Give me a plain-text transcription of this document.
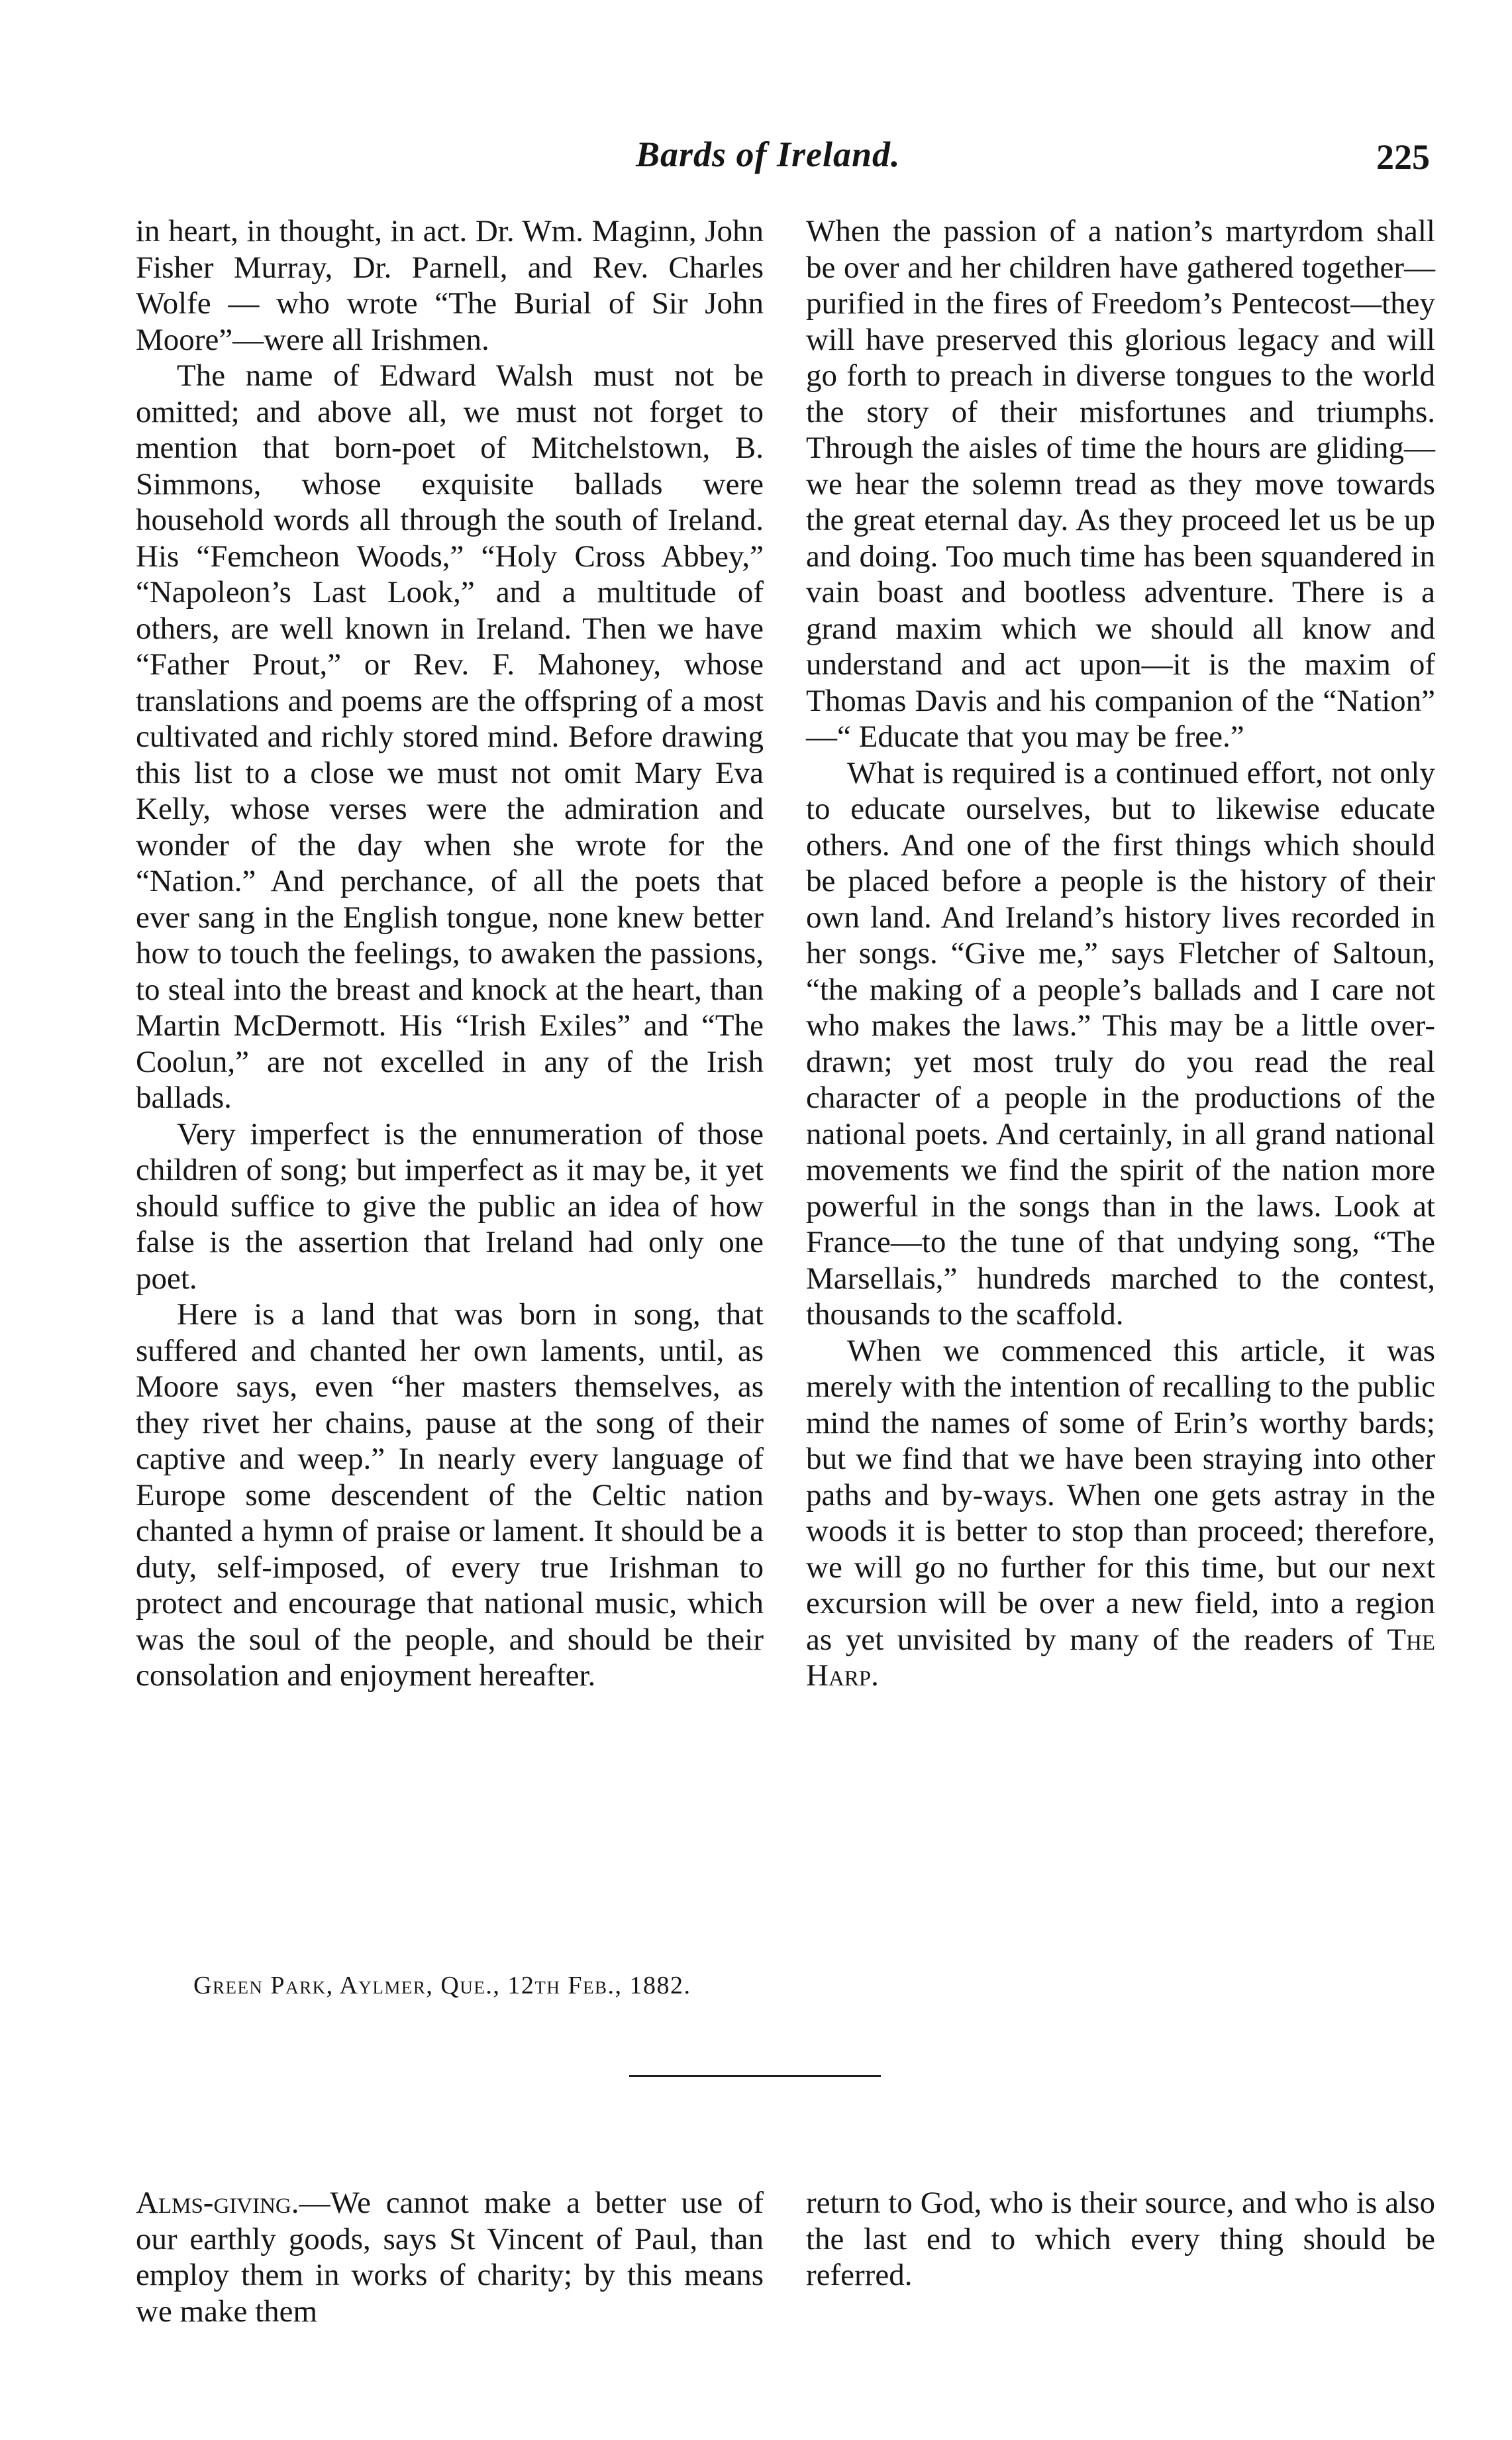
Bards of Ireland.	225

in heart, in thought, in act. Dr. Wm. Maginn, John Fisher Murray, Dr. Parnell, and Rev. Charles Wolfe — who wrote “The Burial of Sir John Moore”—were all Irishmen.

The name of Edward Walsh must not be omitted; and above all, we must not forget to mention that born-poet of Mitchelstown, B. Simmons, whose exquisite ballads were household words all through the south of Ireland. His “Femcheon Woods,” “Holy Cross Abbey,” “Napoleon’s Last Look,” and a multitude of others, are well known in Ireland. Then we have “Father Prout,” or Rev. F. Mahoney, whose translations and poems are the offspring of a most cultivated and richly stored mind. Before drawing this list to a close we must not omit Mary Eva Kelly, whose verses were the admiration and wonder of the day when she wrote for the “Nation.” And perchance, of all the poets that ever sang in the English tongue, none knew better how to touch the feelings, to awaken the passions, to steal into the breast and knock at the heart, than Martin McDermott. His “Irish Exiles” and “The Coolun,” are not excelled in any of the Irish ballads.

Very imperfect is the ennumeration of those children of song; but imperfect as it may be, it yet should suffice to give the public an idea of how false is the assertion that Ireland had only one poet.

Here is a land that was born in song, that suffered and chanted her own laments, until, as Moore says, even “her masters themselves, as they rivet her chains, pause at the song of their captive and weep.” In nearly every language of Europe some descendent of the Celtic nation chanted a hymn of praise or lament. It should be a duty, self-imposed, of every true Irishman to protect and encourage that national music, which was the soul of the people, and should be their consolation and enjoyment hereafter.

When the passion of a nation’s martyrdom shall be over and her children have gathered together—purified in the fires of Freedom’s Pentecost—they will have preserved this glorious legacy and will go forth to preach in diverse tongues to the world the story of their misfortunes and triumphs. Through the aisles of time the hours are gliding—we hear the solemn tread as they move towards the great eternal day. As they proceed let us be up and doing. Too much time has been squandered in vain boast and bootless adventure. There is a grand maxim which we should all know and understand and act upon—it is the maxim of Thomas Davis and his companion of the “Nation” —“ Educate that you may be free.”

What is required is a continued effort, not only to educate ourselves, but to likewise educate others. And one of the first things which should be placed before a people is the history of their own land. And Ireland’s history lives recorded in her songs. “Give me,” says Fletcher of Saltoun, “the making of a people’s ballads and I care not who makes the laws.” This may be a little over-drawn; yet most truly do you read the real character of a people in the productions of the national poets. And certainly, in all grand national movements we find the spirit of the nation more powerful in the songs than in the laws. Look at France—to the tune of that undying song, “The Marsellais,” hundreds marched to the contest, thousands to the scaffold.

When we commenced this article, it was merely with the intention of recalling to the public mind the names of some of Erin’s worthy bards; but we find that we have been straying into other paths and by-ways. When one gets astray in the woods it is better to stop than proceed; therefore, we will go no further for this time, but our next excursion will be over a new field, into a region as yet unvisited by many of the readers of The Harp.

Green Park, Aylmer, Que., 12th Feb., 1882.

Alms-giving.—We cannot make a better use of our earthly goods, says St Vincent of Paul, than employ them in works of charity; by this means we make them

return to God, who is their source, and who is also the last end to which every thing should be referred.
